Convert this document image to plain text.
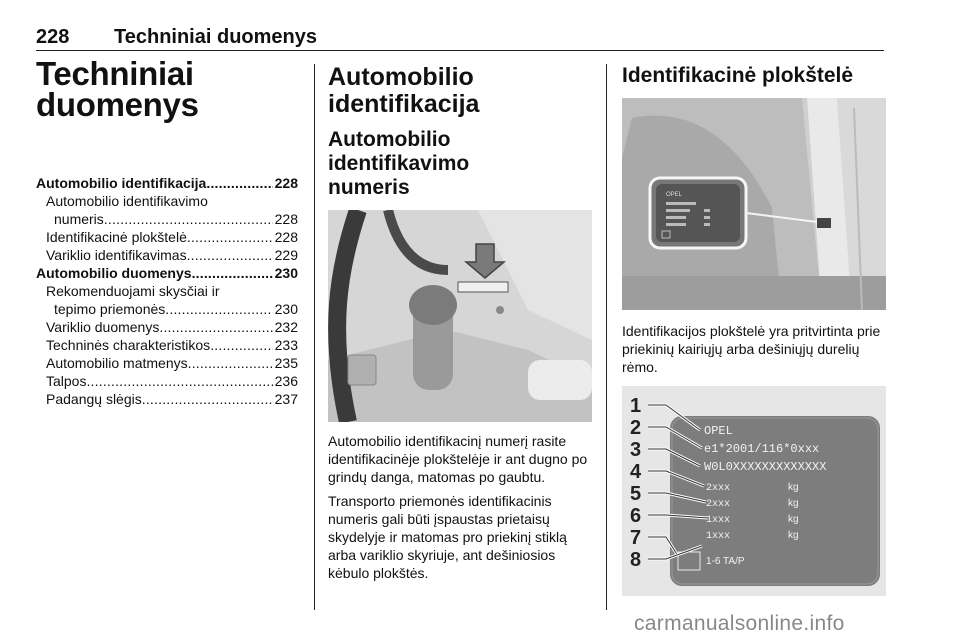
228 Techniniai duomenys
Techniniai
duomenys
Automobilio identifikacija .....	228
Automobilio identifikavimo
numeris .....	228
Identifikacinė plokštelė .....	228
Variklio identifikavimas .....	229
Automobilio duomenys .....	230
Rekomenduojami skysčiai ir
tepimo priemonės .....	230
Variklio duomenys .....	232
Techninės charakteristikos .....	233
Automobilio matmenys .....	235
Talpos .....	236
Padangų slėgis .....	237
Automobilio
identifikacija
Automobilio identifikavimo
numeris

Automobilio identifikacinį numerį rasite identifikacinėje plokštelėje ir ant dugno po grindų danga, matomas po gaubtu.

Transporto priemonės identifikacinis numeris gali būti įspaustas prietaisų skydelyje ir matomas pro priekinį stiklą arba variklio skyriuje, ant dešiniosios kėbulo plokštės.

Identifikacinė plokštelė
OPEL

Identifikacijos plokštelė yra pritvirtinta prie priekinių kairiųjų arba dešiniųjų durelių rėmo.

OPEL
e1*2001/116*0xxx
W0L0XXXXXXXXXXXXX
2xxx
2xxx
1xxx
1xxx
kg
kg
kg
kg
1-6 TA/P
1
2
3
4
5
6
7
8
carmanualsonline.info
